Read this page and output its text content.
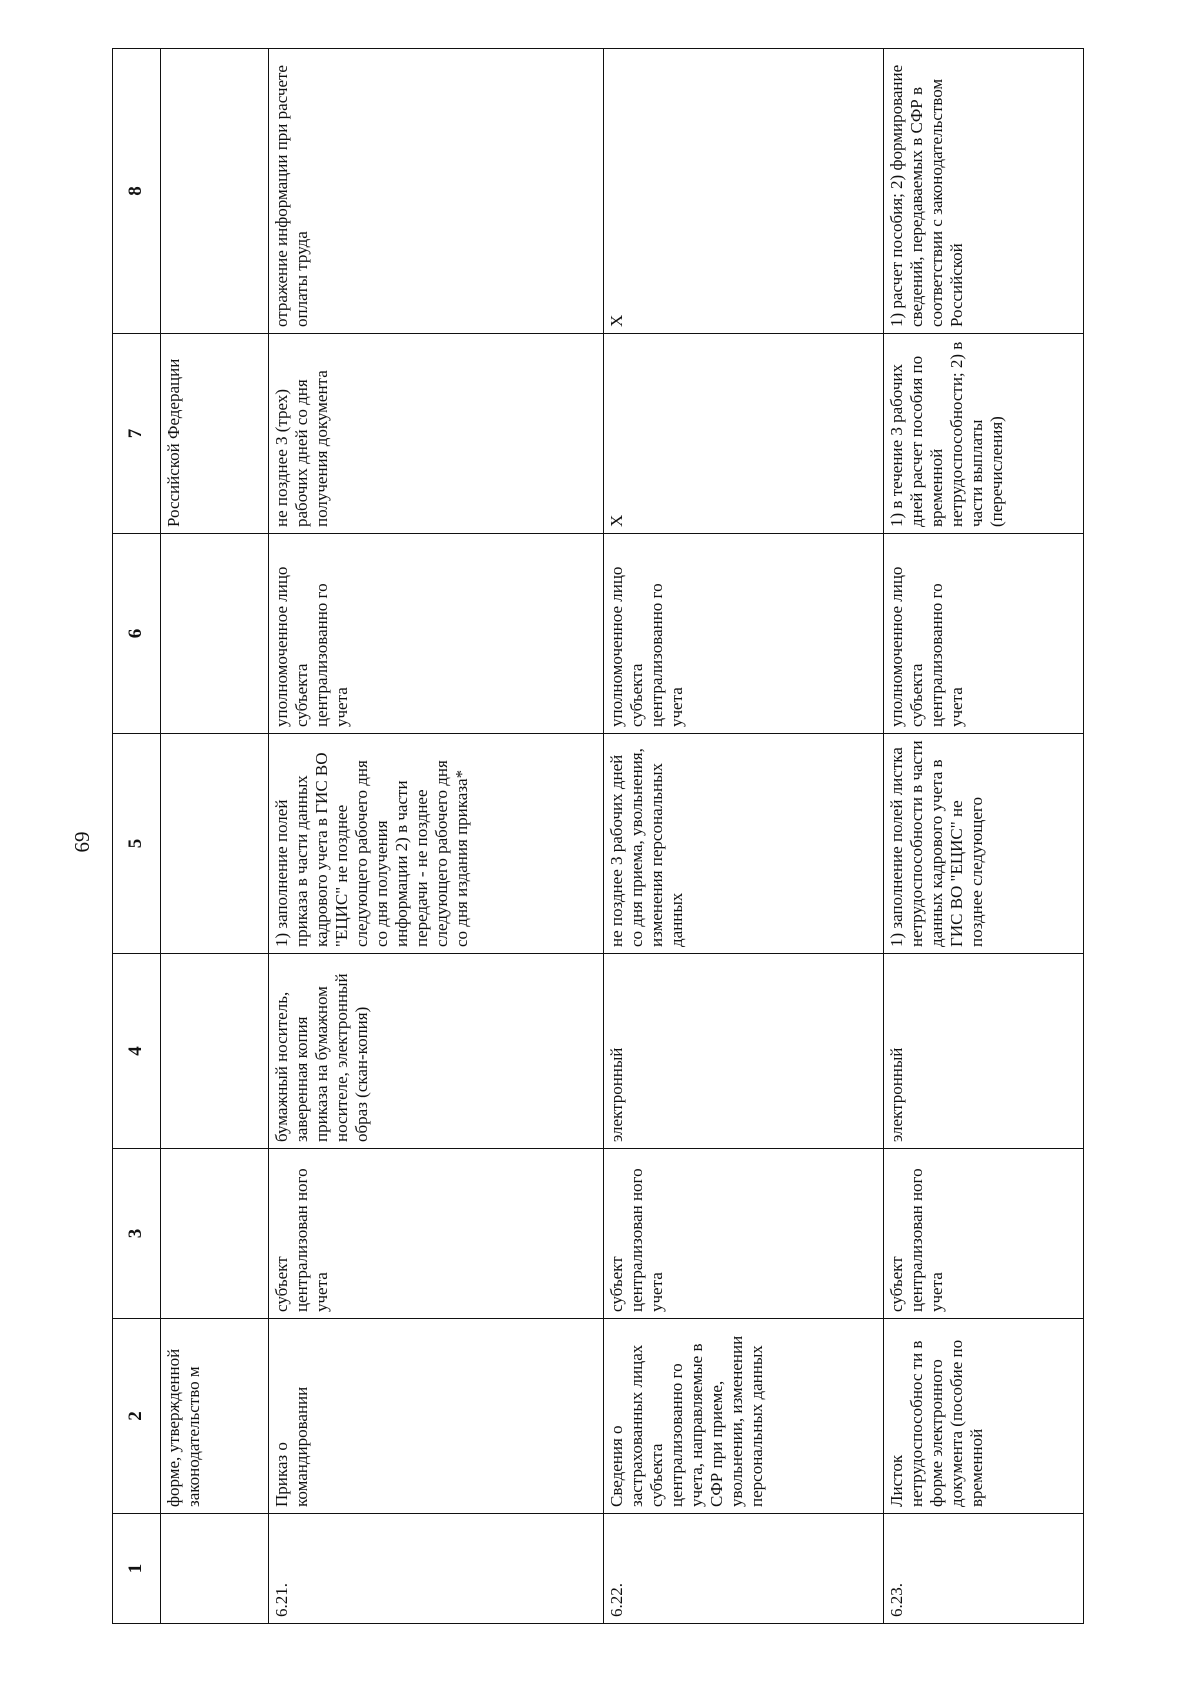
69
1	2	3	4	5	6	7	8
	форме, утвержденной законодательство м					Российской Федерации	
6.21.	Приказ о командировании	субъект централизован ного учета	бумажный носитель, заверенная копия приказа на бумажном носителе, электронный образ (скан-копия)	1) заполнение полей приказа в части данных кадрового учета в ГИС ВО "ЕЦИС" не позднее следующего рабочего дня со дня получения информации 2) в части передачи - не позднее следующего рабочего дня со дня издания приказа*	уполномоченное лицо субъекта централизованно го учета	не позднее 3 (трех) рабочих дней со дня получения документа	отражение информации при расчете оплаты труда
6.22.	Сведения о застрахованных лицах субъекта централизованно го учета, направляемые в СФР при приеме, увольнении, изменении персональных данных	субъект централизован ного учета	электронный	не позднее 3 рабочих дней со дня приема, увольнения, изменения персональных данных	уполномоченное лицо субъекта централизованно го учета	Х	Х
6.23.	Листок нетрудоспособнос ти в форме электронного документа (пособие по временной	субъект централизован ного учета	электронный	1) заполнение полей листка нетрудоспособности в части данных кадрового учета в ГИС ВО "ЕЦИС" не позднее следующего	уполномоченное лицо субъекта централизованно го учета	1) в течение 3 рабочих дней расчет пособия по временной нетрудоспособности; 2) в части выплаты (перечисления)	1) расчет пособия; 2) формирование сведений, передаваемых в СФР в соответствии с законодательством Российской
